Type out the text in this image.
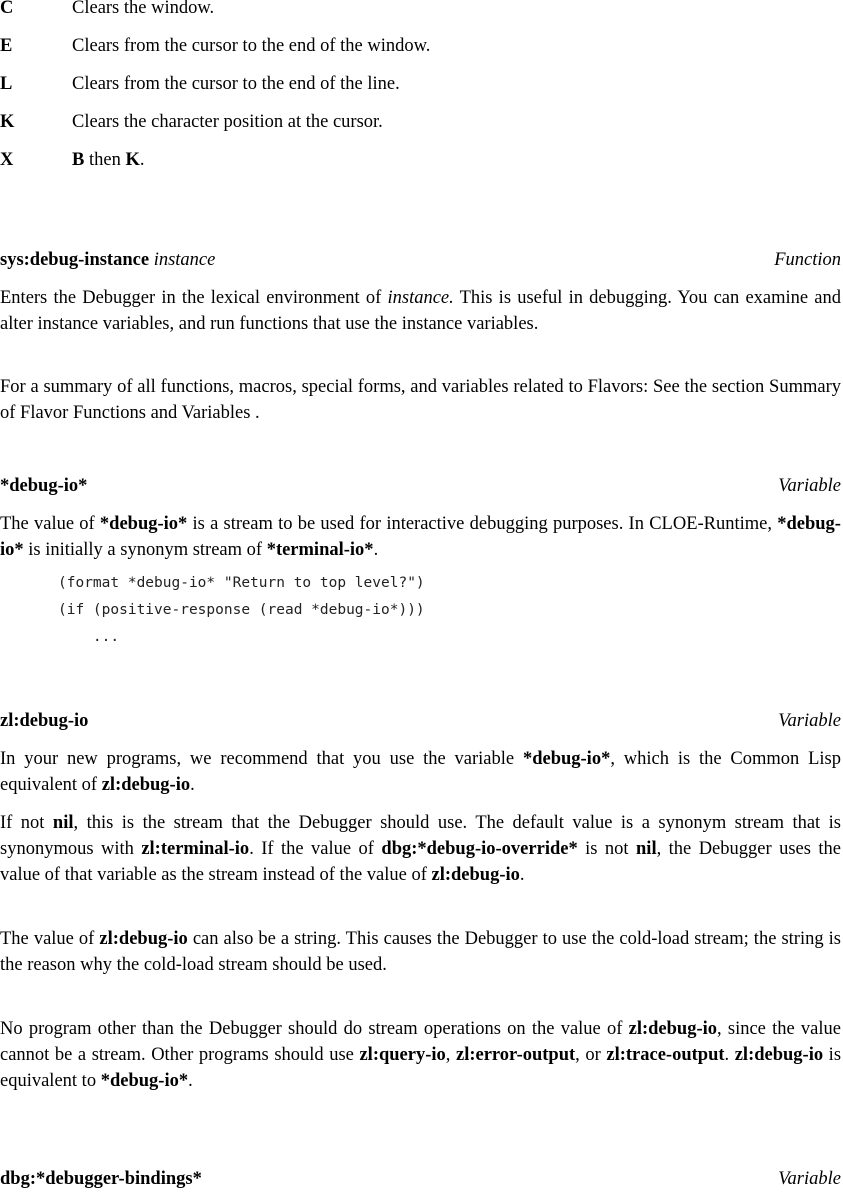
C	Clears the window.
E	Clears from the cursor to the end of the window.
L	Clears from the cursor to the end of the line.
K	Clears the character position at the cursor.
X	B then K.
sys:debug-instance instance	Function
Enters the Debugger in the lexical environment of instance. This is useful in debugging. You can examine and alter instance variables, and run functions that use the instance variables.
For a summary of all functions, macros, special forms, and variables related to Flavors: See the section Summary of Flavor Functions and Variables .
*debug-io*	Variable
The value of *debug-io* is a stream to be used for interactive debugging purposes. In CLOE-Runtime, *debug-io* is initially a synonym stream of *terminal-io*.
(format *debug-io* "Return to top level?")
(if (positive-response (read *debug-io*)))
...
zl:debug-io	Variable
In your new programs, we recommend that you use the variable *debug-io*, which is the Common Lisp equivalent of zl:debug-io.
If not nil, this is the stream that the Debugger should use. The default value is a synonym stream that is synonymous with zl:terminal-io. If the value of dbg:*debug-io-override* is not nil, the Debugger uses the value of that variable as the stream instead of the value of zl:debug-io.
The value of zl:debug-io can also be a string. This causes the Debugger to use the cold-load stream; the string is the reason why the cold-load stream should be used.
No program other than the Debugger should do stream operations on the value of zl:debug-io, since the value cannot be a stream. Other programs should use zl:query-io, zl:error-output, or zl:trace-output. zl:debug-io is equivalent to *debug-io*.
dbg:*debugger-bindings*	Variable
